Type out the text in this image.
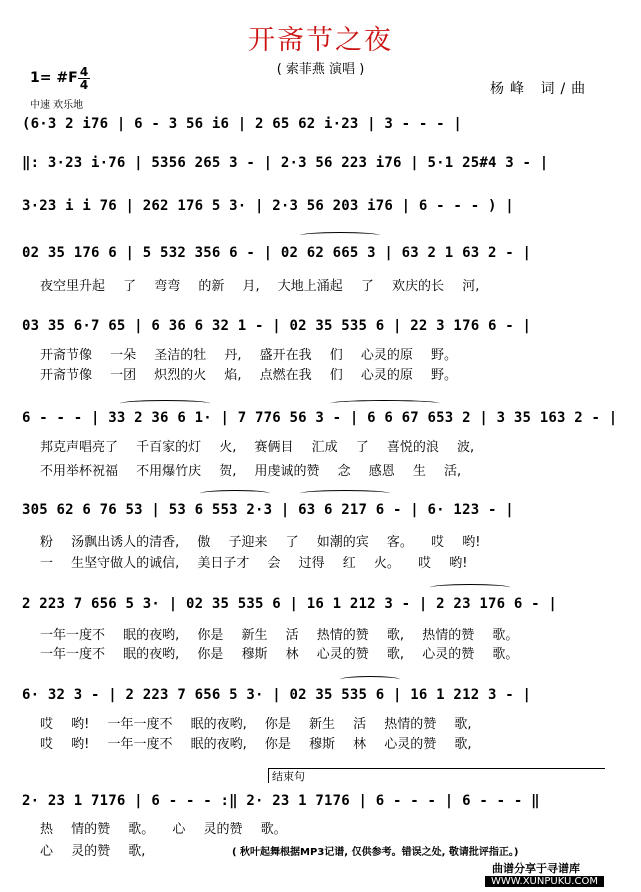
开斋节之夜
( 索菲燕 演唱 )
杨峰 词/曲
1= #F 4
4
中速 欢乐地
(6·3 2 i76 | 6 - 3 56 i6 | 2 65 62 i·23 | 3 - - - |
‖: 3·23 i·76 | 5356 265 3 - | 2·3 56 223 i76 | 5·1 25#4 3 - |
3·23 i i 76 | 262 176 5 3· | 2·3 56 203 i76 | 6 - - - ) |
02 35 176 6 | 5 532 356 6 - | 02 62 665 3 | 63 2 1 63 2 - |
03 35 6·7 65 | 6 36 6 32 1 - | 02 35 535 6 | 22 3 176 6 - |
6 - - - | 33 2 36 6 1· | 7 776 56 3 - | 6 6 67 653 2 | 3 35 163 2 - |
305 62 6 76 53 | 53 6 553 2·3 | 63 6 217 6 - | 6· 123 - |
2 223 7 656 5 3· | 02 35 535 6 | 16 1 212 3 - | 2 23 176 6 - |
6· 32 3 - | 2 223 7 656 5 3· | 02 35 535 6 | 16 1 212 3 - |
2· 23 1 7176 | 6 - - - :‖ 2· 23 1 7176 | 6 - - - | 6 - - - ‖
夜空里升起 了 弯弯 的新 月, 大地上涌起 了 欢庆的长 河,
开斋节像 一朵 圣洁的牡 丹, 盛开在我 们 心灵的原 野。
开斋节像 一团 炽烈的火 焰, 点燃在我 们 心灵的原 野。
邦克声唱亮了 千百家的灯 火, 赛俩目 汇成 了 喜悦的浪 波,
不用举杯祝福 不用爆竹庆 贺, 用虔诚的赞 念 感恩 生 活,
粉 汤飘出诱人的清香, 傲 子迎来 了 如潮的宾 客。 哎 哟!
一 生坚守做人的诚信, 美日子才 会 过得 红 火。 哎 哟!
一年一度不 眠的夜哟, 你是 新生 活 热情的赞 歌, 热情的赞 歌。
一年一度不 眠的夜哟, 你是 穆斯 林 心灵的赞 歌, 心灵的赞 歌。
哎 哟! 一年一度不 眠的夜哟, 你是 新生 活 热情的赞 歌,
哎 哟! 一年一度不 眠的夜哟, 你是 穆斯 林 心灵的赞 歌,
热 情的赞 歌。 心 灵的赞 歌。
心 灵的赞 歌,
结束句
( 秋叶起舞根据MP3记谱, 仅供参考。错误之处, 敬请批评指正。)
曲谱分享于寻谱库
WWW.XUNPUKU.COM
